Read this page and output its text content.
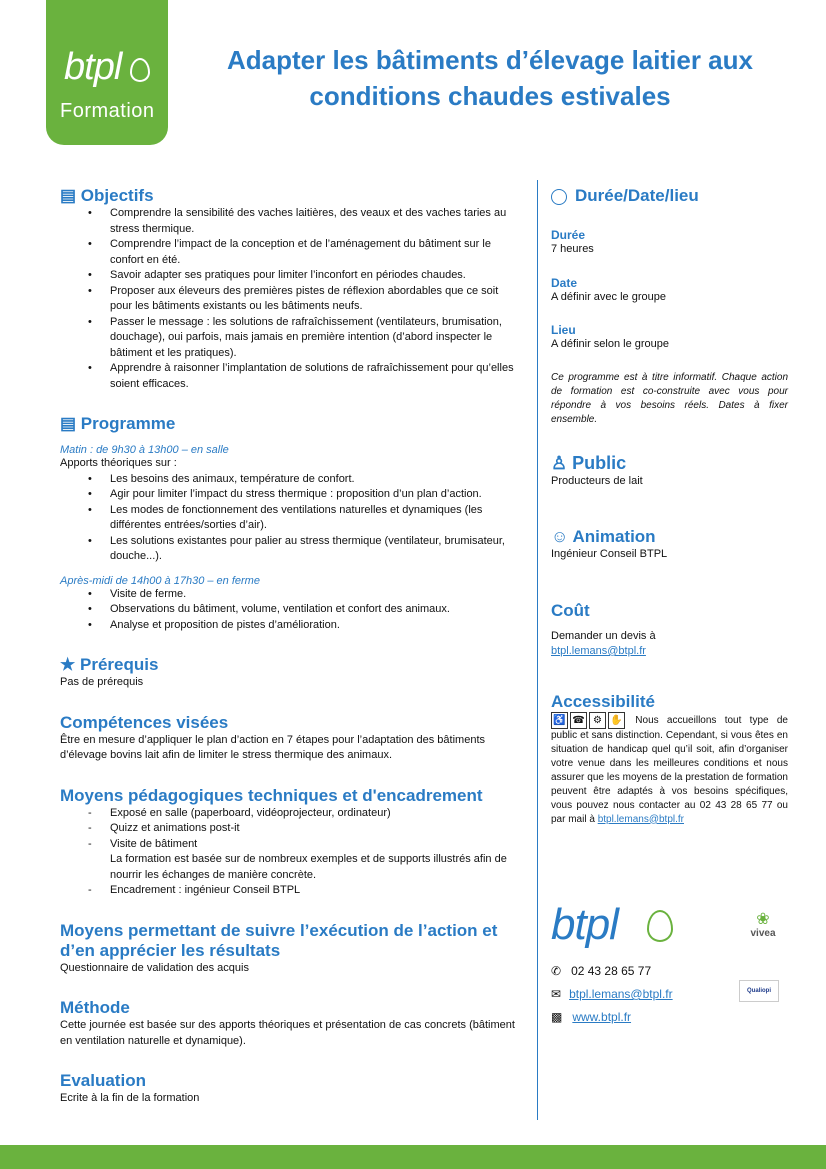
btpl
Formation
Adapter les bâtiments d’élevage laitier aux conditions chaudes estivales
▤ Objectifs
• Comprendre la sensibilité des vaches laitières, des veaux et des vaches taries au stress thermique.
• Comprendre l’impact de la conception et de l’aménagement du bâtiment sur le confort en été.
• Savoir adapter ses pratiques pour limiter l’inconfort en périodes chaudes.
• Proposer aux éleveurs des premières pistes de réflexion abordables que ce soit pour les bâtiments existants ou les bâtiments neufs.
• Passer le message : les solutions de rafraîchissement (ventilateurs, brumisation, douchage), oui parfois, mais jamais en première intention (d’abord inspecter le bâtiment et les pratiques).
• Apprendre à raisonner l’implantation de solutions de rafraîchissement pour qu’elles soient efficaces.
▤ Programme
Matin : de 9h30 à 13h00 – en salle
Apports théoriques sur :
• Les besoins des animaux, température de confort.
• Agir pour limiter l’impact du stress thermique : proposition d’un plan d’action.
• Les modes de fonctionnement des ventilations naturelles et dynamiques (les différentes entrées/sorties d’air).
• Les solutions existantes pour palier au stress thermique (ventilateur, brumisateur, douche...).
Après-midi de 14h00 à 17h30 – en ferme
• Visite de ferme.
• Observations du bâtiment, volume, ventilation et confort des animaux.
• Analyse et proposition de pistes d’amélioration.
★ Prérequis
Pas de prérequis
Compétences visées
Être en mesure d’appliquer le plan d’action en 7 étapes pour l’adaptation des bâtiments d’élevage bovins lait afin de limiter le stress thermique des animaux.
Moyens pédagogiques techniques et d'encadrement
- Exposé en salle (paperboard, vidéoprojecteur, ordinateur)
- Quizz et animations post-it
- Visite de bâtiment
La formation est basée sur de nombreux exemples et de supports illustrés afin de nourrir les échanges de manière concrète.
- Encadrement : ingénieur Conseil BTPL
Moyens permettant de suivre l’exécution de l’action et d’en apprécier les résultats
Questionnaire de validation des acquis
Méthode
Cette journée est basée sur des apports théoriques et présentation de cas concrets (bâtiment en ventilation naturelle et dynamique).
Evaluation
Ecrite à la fin de la formation
Durée/Date/lieu
Durée
7 heures
Date
A définir avec le groupe
Lieu
A définir selon le groupe
Ce programme est à titre informatif. Chaque action de formation est co-construite avec vous pour répondre à vos besoins réels. Dates à fixer ensemble.
♙ Public
Producteurs de lait
☺ Animation
Ingénieur Conseil BTPL
Coût
Demander un devis à
btpl.lemans@btpl.fr
Accessibilité
♿ ☎ ⚙ ✋ Nous accueillons tout type de public et sans distinction. Cependant, si vous êtes en situation de handicap quel qu’il soit, afin d’organiser votre venue dans les meilleures conditions et nous assurer que les moyens de la prestation de formation peuvent être adaptés à vos besoins spécifiques, vous pouvez nous contacter au 02 43 28 65 77 ou par mail à btpl.lemans@btpl.fr
btpl	❀
vivea
✆ 02 43 28 65 77
Qualiopi
✉ btpl.lemans@btpl.fr
▩ www.btpl.fr
